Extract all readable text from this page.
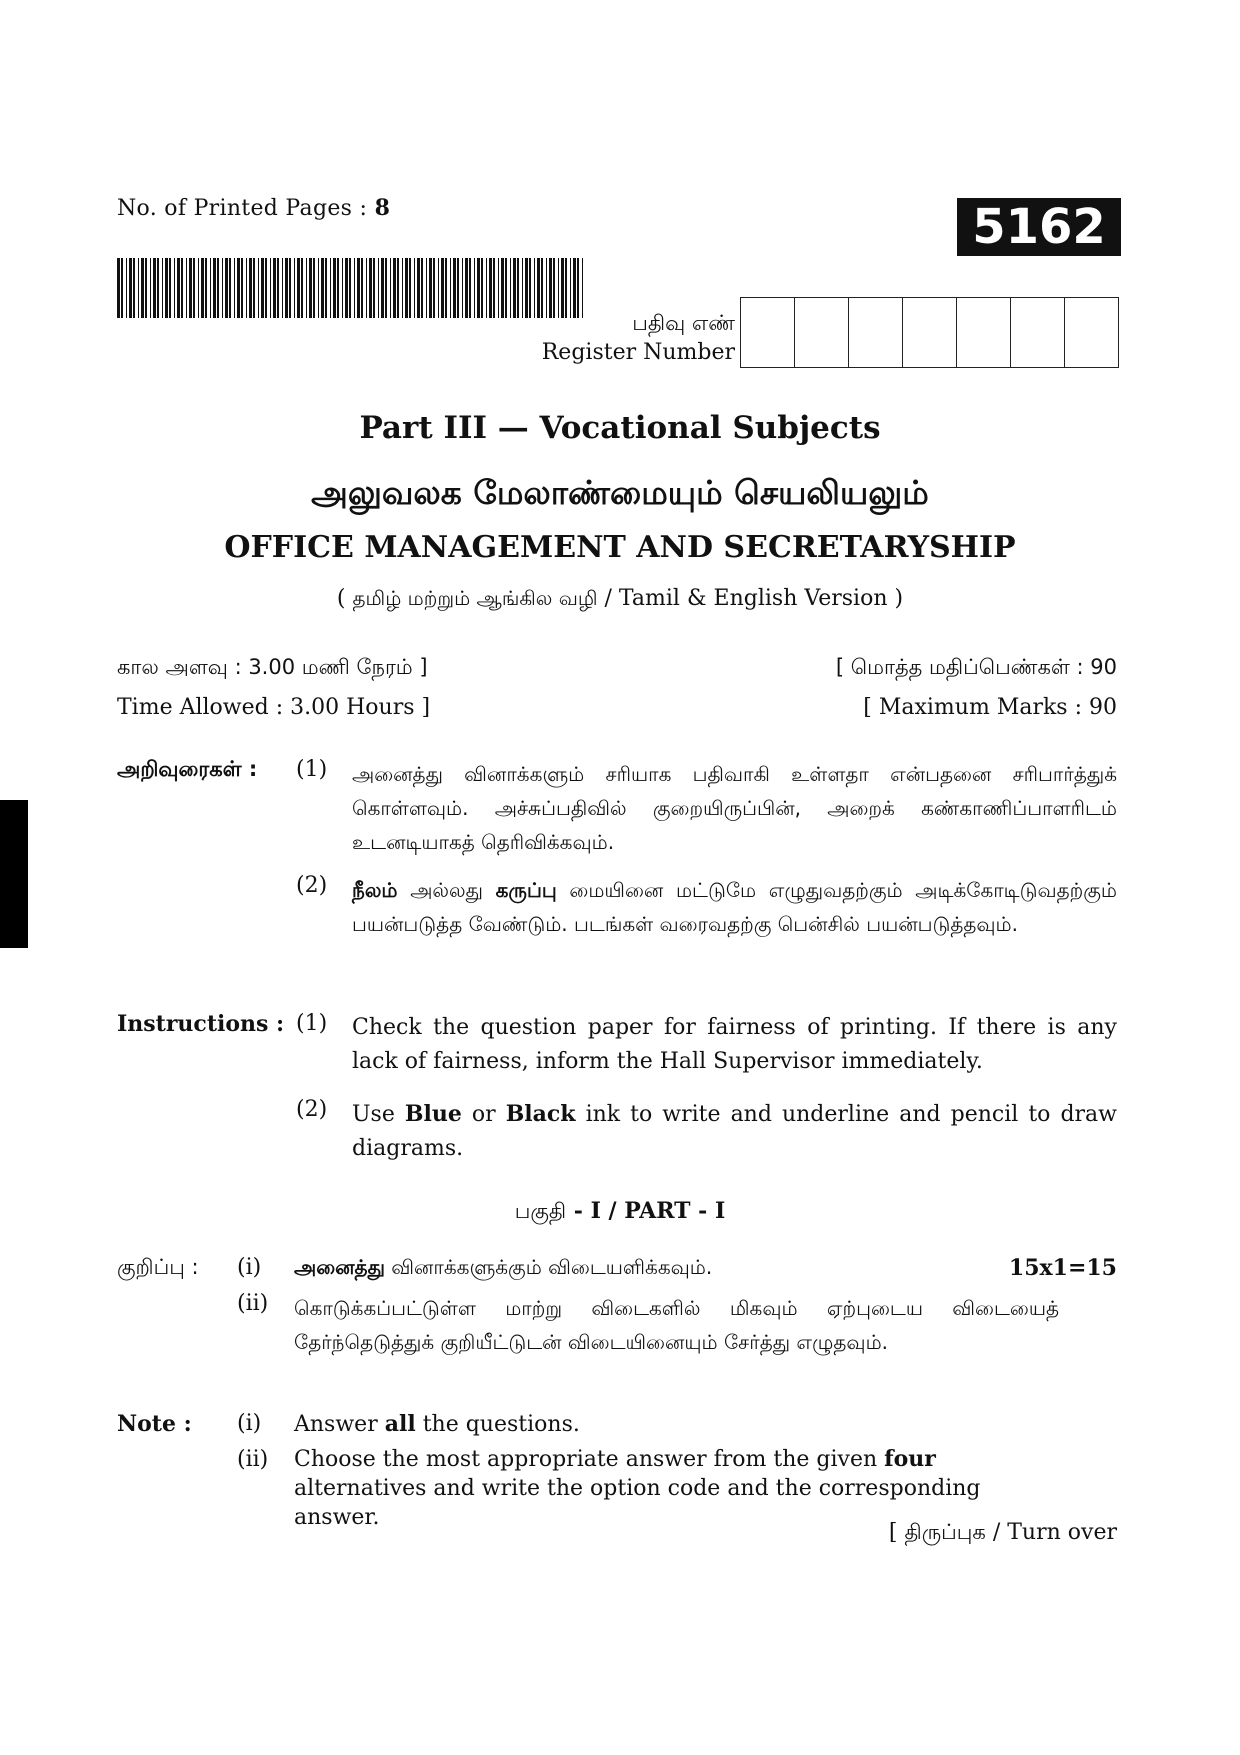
No. of Printed Pages : 8	5162
பதிவு எண்
Register Number
Part III — Vocational Subjects
அலுவலக மேலாண்மையும் செயலியலும்
OFFICE MANAGEMENT AND SECRETARYSHIP
( தமிழ் மற்றும் ஆங்கில வழி / Tamil & English Version )
கால அளவு : 3.00 மணி நேரம் ]	[ மொத்த மதிப்பெண்கள் : 90
Time Allowed : 3.00 Hours ]	[ Maximum Marks : 90
அறிவுரைகள் : (1) அனைத்து வினாக்களும் சரியாக பதிவாகி உள்ளதா என்பதனை சரிபார்த்துக் கொள்ளவும். அச்சுப்பதிவில் குறையிருப்பின், அறைக் கண்காணிப்பாளரிடம் உடனடியாகத் தெரிவிக்கவும்.
(2) நீலம் அல்லது கருப்பு மையினை மட்டுமே எழுதுவதற்கும் அடிக்கோடிடுவதற்கும் பயன்படுத்த வேண்டும். படங்கள் வரைவதற்கு பென்சில் பயன்படுத்தவும்.
Instructions : (1) Check the question paper for fairness of printing. If there is any lack of fairness, inform the Hall Supervisor immediately.
(2) Use Blue or Black ink to write and underline and pencil to draw diagrams.
பகுதி - I / PART - I
குறிப்பு : (i) அனைத்து வினாக்களுக்கும் விடையளிக்கவும்.	15x1=15
(ii) கொடுக்கப்பட்டுள்ள மாற்று விடைகளில் மிகவும் ஏற்புடைய விடையைத் தேர்ந்தெடுத்துக் குறியீட்டுடன் விடையினையும் சேர்த்து எழுதவும்.
Note : (i) Answer all the questions.
(ii) Choose the most appropriate answer from the given four alternatives and write the option code and the corresponding answer.
[ திருப்புக / Turn over
